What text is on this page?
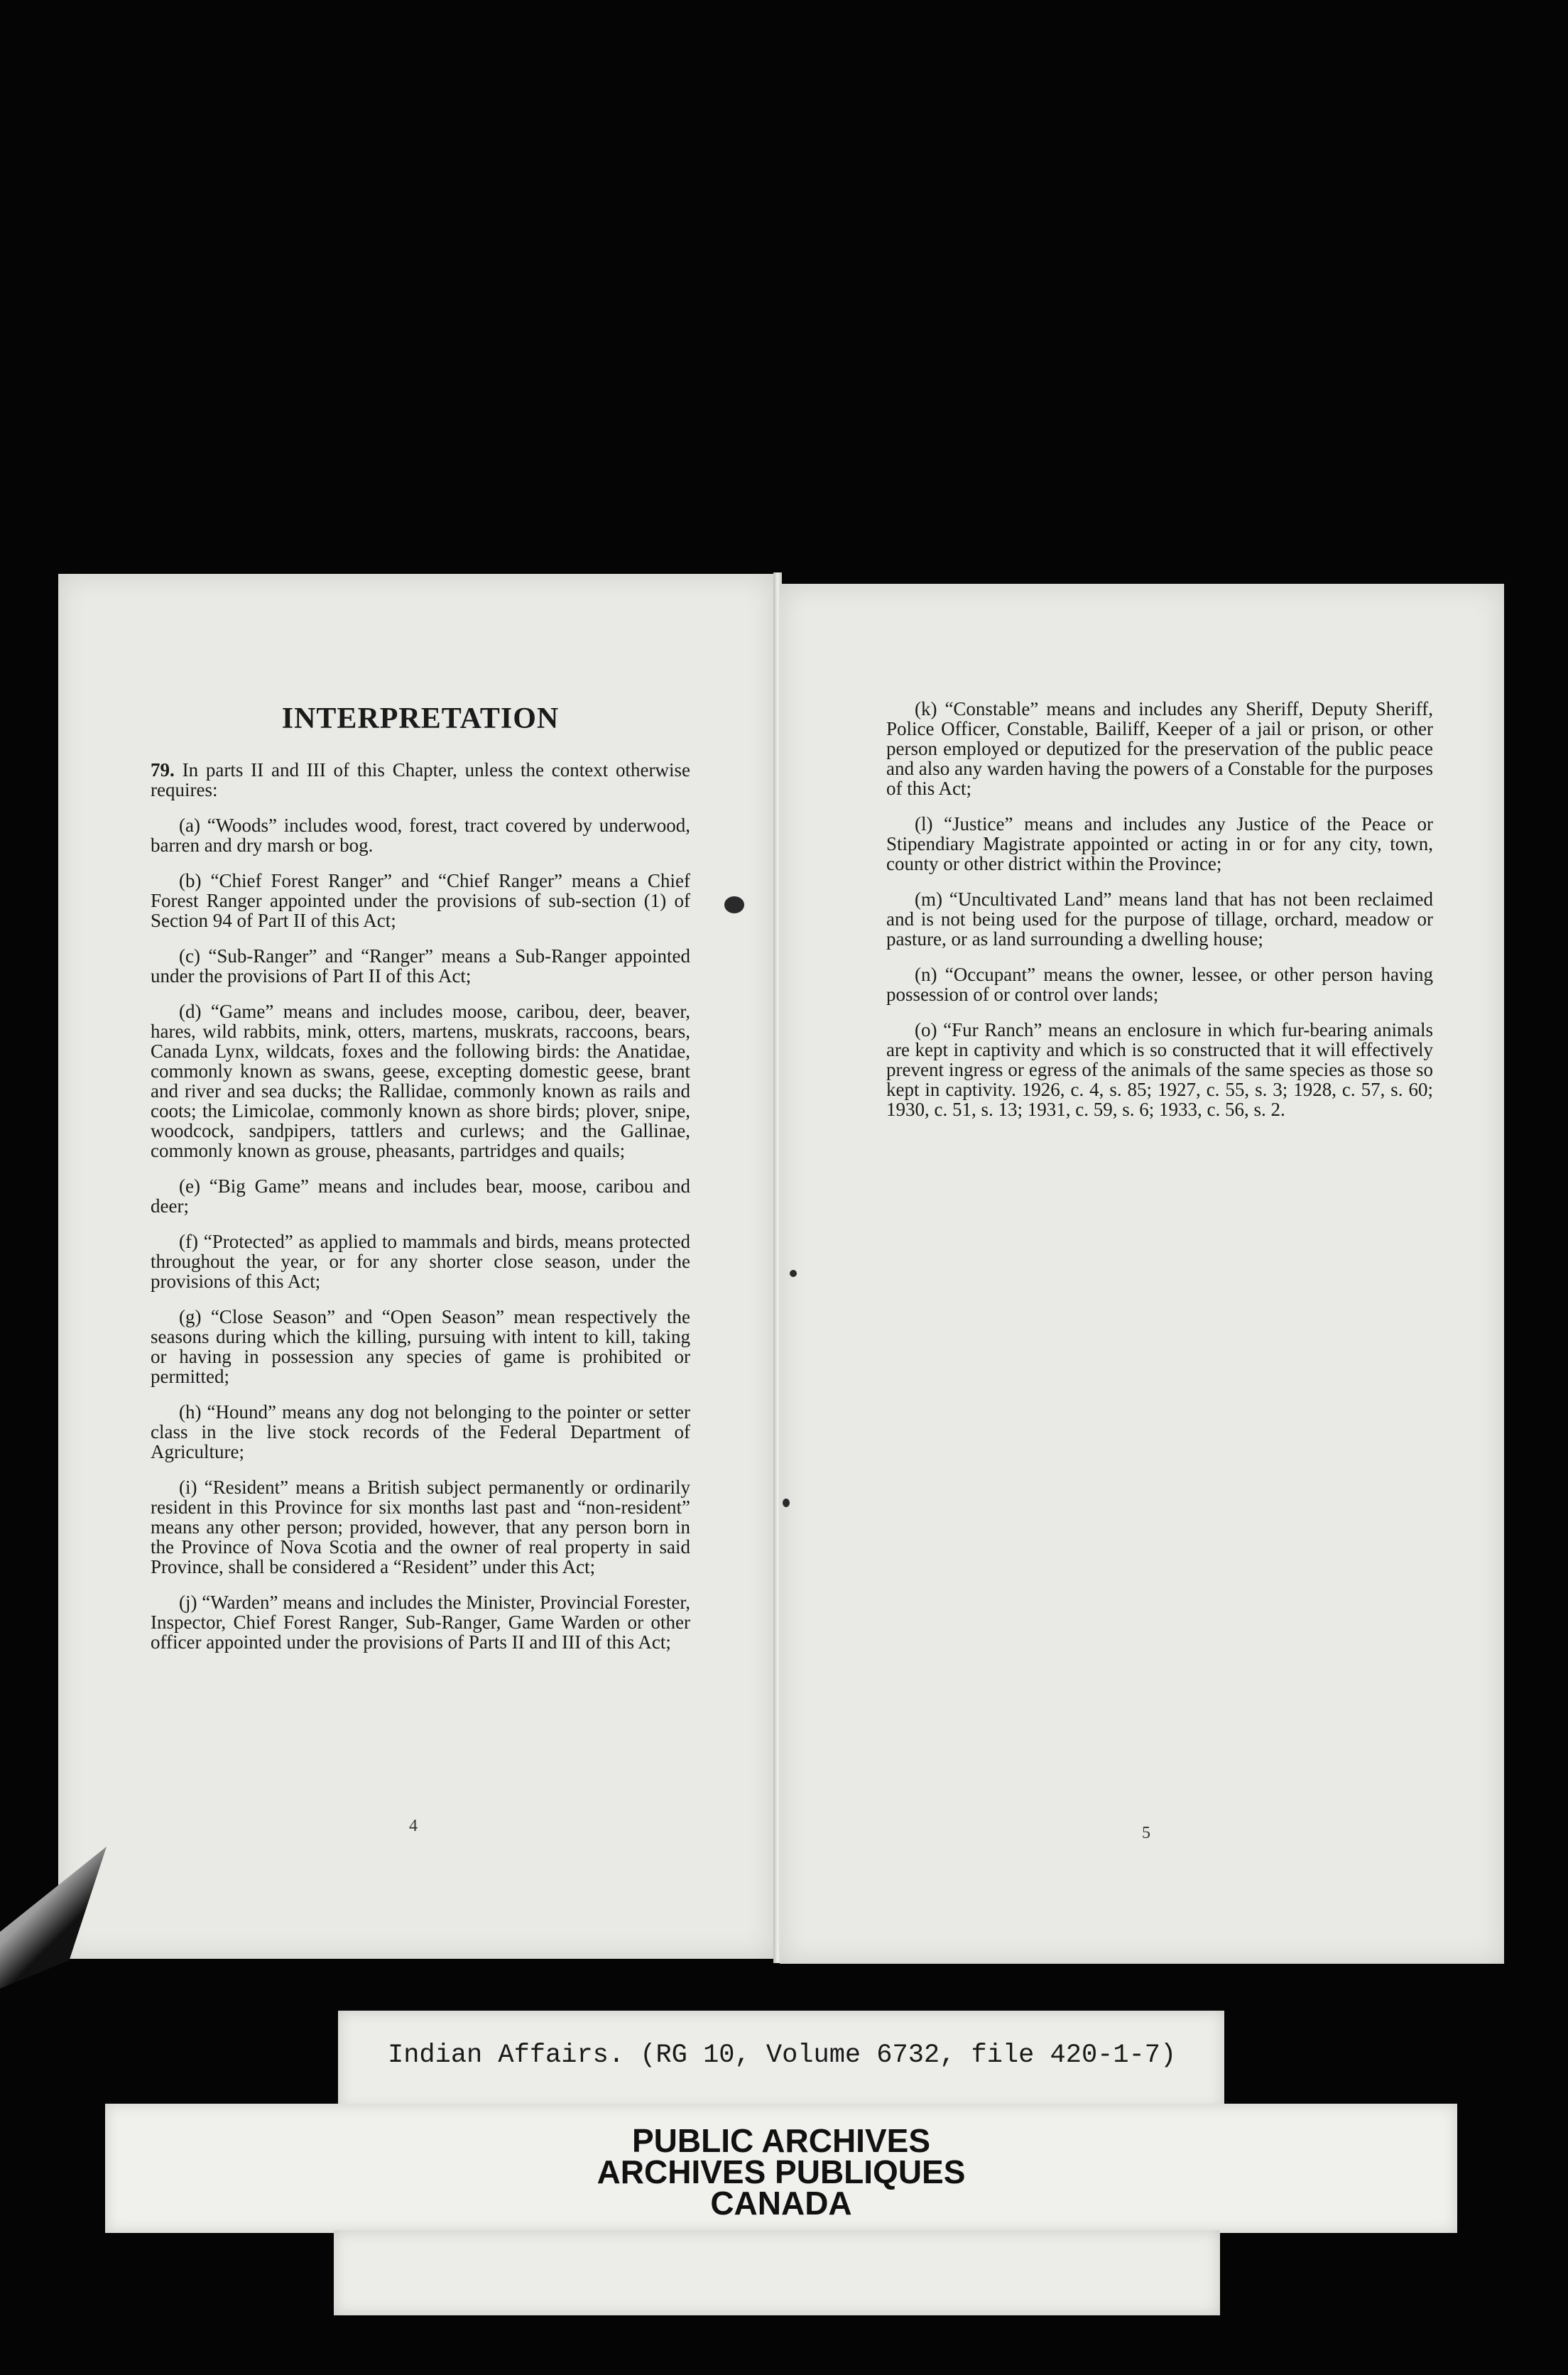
INTERPRETATION

79. In parts II and III of this Chapter, unless the context otherwise requires:

(a) “Woods” includes wood, forest, tract covered by underwood, barren and dry marsh or bog.

(b) “Chief Forest Ranger” and “Chief Ranger” means a Chief Forest Ranger appointed under the provisions of sub-section (1) of Section 94 of Part II of this Act;

(c) “Sub-Ranger” and “Ranger” means a Sub-Ranger appointed under the provisions of Part II of this Act;

(d) “Game” means and includes moose, caribou, deer, beaver, hares, wild rabbits, mink, otters, martens, muskrats, raccoons, bears, Canada Lynx, wildcats, foxes and the following birds: the Anatidae, commonly known as swans, geese, excepting domestic geese, brant and river and sea ducks; the Rallidae, commonly known as rails and coots; the Limicolae, commonly known as shore birds; plover, snipe, woodcock, sandpipers, tattlers and curlews; and the Gallinae, commonly known as grouse, pheasants, partridges and quails;

(e) “Big Game” means and includes bear, moose, caribou and deer;

(f) “Protected” as applied to mammals and birds, means protected throughout the year, or for any shorter close season, under the provisions of this Act;

(g) “Close Season” and “Open Season” mean respectively the seasons during which the killing, pursuing with intent to kill, taking or having in possession any species of game is prohibited or permitted;

(h) “Hound” means any dog not belonging to the pointer or setter class in the live stock records of the Federal Department of Agriculture;

(i) “Resident” means a British subject permanently or ordinarily resident in this Province for six months last past and “non-resident” means any other person; provided, however, that any person born in the Province of Nova Scotia and the owner of real property in said Province, shall be considered a “Resident” under this Act;

(j) “Warden” means and includes the Minister, Provincial Forester, Inspector, Chief Forest Ranger, Sub-Ranger, Game Warden or other officer appointed under the provisions of Parts II and III of this Act;

4

(k) “Constable” means and includes any Sheriff, Deputy Sheriff, Police Officer, Constable, Bailiff, Keeper of a jail or prison, or other person employed or deputized for the preservation of the public peace and also any warden having the powers of a Constable for the purposes of this Act;

(l) “Justice” means and includes any Justice of the Peace or Stipendiary Magistrate appointed or acting in or for any city, town, county or other district within the Province;

(m) “Uncultivated Land” means land that has not been reclaimed and is not being used for the purpose of tillage, orchard, meadow or pasture, or as land surrounding a dwelling house;

(n) “Occupant” means the owner, lessee, or other person having possession of or control over lands;

(o) “Fur Ranch” means an enclosure in which fur-bearing animals are kept in captivity and which is so constructed that it will effectively prevent ingress or egress of the animals of the same species as those so kept in captivity. 1926, c. 4, s. 85; 1927, c. 55, s. 3; 1928, c. 57, s. 60; 1930, c. 51, s. 13; 1931, c. 59, s. 6; 1933, c. 56, s. 2.

5
Indian Affairs. (RG 10, Volume 6732, file 420-1-7)
PUBLIC ARCHIVES
ARCHIVES PUBLIQUES
CANADA
